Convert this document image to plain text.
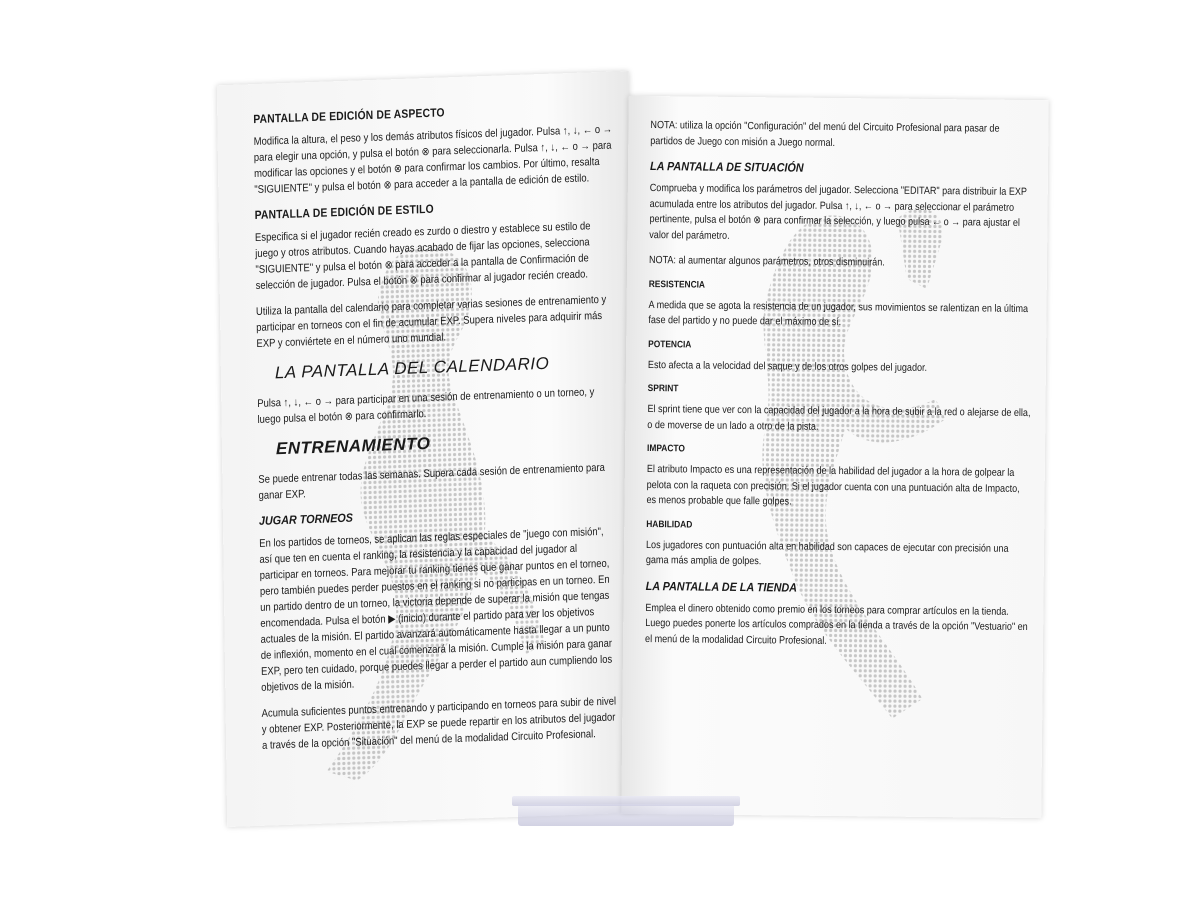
PANTALLA DE EDICIÓN DE ASPECTO

Modifica la altura, el peso y los demás atributos físicos del jugador. Pulsa ↑, ↓, ← o → para elegir una opción, y pulsa el botón ⊗ para seleccionarla. Pulsa ↑, ↓, ← o → para modificar las opciones y el botón ⊗ para confirmar los cambios. Por último, resalta "SIGUIENTE" y pulsa el botón ⊗ para acceder a la pantalla de edición de estilo.

PANTALLA DE EDICIÓN DE ESTILO

Especifica si el jugador recién creado es zurdo o diestro y establece su estilo de juego y otros atributos. Cuando hayas acabado de fijar las opciones, selecciona "SIGUIENTE" y pulsa el botón ⊗ para acceder a la pantalla de Confirmación de selección de jugador. Pulsa el botón ⊗ para confirmar al jugador recién creado.

Utiliza la pantalla del calendario para completar varias sesiones de entrenamiento y participar en torneos con el fin de acumular EXP. Supera niveles para adquirir más EXP y conviértete en el número uno mundial.

LA PANTALLA DEL CALENDARIO

Pulsa ↑, ↓, ← o → para participar en una sesión de entrenamiento o un torneo, y luego pulsa el botón ⊗ para confirmarlo.

ENTRENAMIENTO

Se puede entrenar todas las semanas. Supera cada sesión de entrenamiento para ganar EXP.

JUGAR TORNEOS

En los partidos de torneos, se aplican las reglas especiales de "juego con misión", así que ten en cuenta el ranking, la resistencia y la capacidad del jugador al participar en torneos. Para mejorar tu ranking tienes que ganar puntos en el torneo, pero también puedes perder puestos en el ranking si no participas en un torneo. En un partido dentro de un torneo, la victoria depende de superar la misión que tengas encomendada. Pulsa el botón ▶ (inicio) durante el partido para ver los objetivos actuales de la misión. El partido avanzará automáticamente hasta llegar a un punto de inflexión, momento en el cual comenzará la misión. Cumple la misión para ganar EXP, pero ten cuidado, porque puedes llegar a perder el partido aun cumpliendo los objetivos de la misión.

Acumula suficientes puntos entrenando y participando en torneos para subir de nivel y obtener EXP. Posteriormente, la EXP se puede repartir en los atributos del jugador a través de la opción "Situación" del menú de la modalidad Circuito Profesional.

NOTA: utiliza la opción "Configuración" del menú del Circuito Profesional para pasar de partidos de Juego con misión a Juego normal.

LA PANTALLA DE SITUACIÓN

Comprueba y modifica los parámetros del jugador. Selecciona "EDITAR" para distribuir la EXP acumulada entre los atributos del jugador. Pulsa ↑, ↓, ← o → para seleccionar el parámetro pertinente, pulsa el botón ⊗ para confirmar la selección, y luego pulsa ← o → para ajustar el valor del parámetro.

NOTA: al aumentar algunos parámetros, otros disminuirán.

RESISTENCIA

A medida que se agota la resistencia de un jugador, sus movimientos se ralentizan en la última fase del partido y no puede dar el máximo de sí.

POTENCIA

Esto afecta a la velocidad del saque y de los otros golpes del jugador.

SPRINT

El sprint tiene que ver con la capacidad del jugador a la hora de subir a la red o alejarse de ella, o de moverse de un lado a otro de la pista.

IMPACTO

El atributo Impacto es una representación de la habilidad del jugador a la hora de golpear la pelota con la raqueta con precisión. Si el jugador cuenta con una puntuación alta de Impacto, es menos probable que falle golpes.

HABILIDAD

Los jugadores con puntuación alta en habilidad son capaces de ejecutar con precisión una gama más amplia de golpes.

LA PANTALLA DE LA TIENDA

Emplea el dinero obtenido como premio en los torneos para comprar artículos en la tienda. Luego puedes ponerte los artículos comprados en la tienda a través de la opción "Vestuario" en el menú de la modalidad Circuito Profesional.
